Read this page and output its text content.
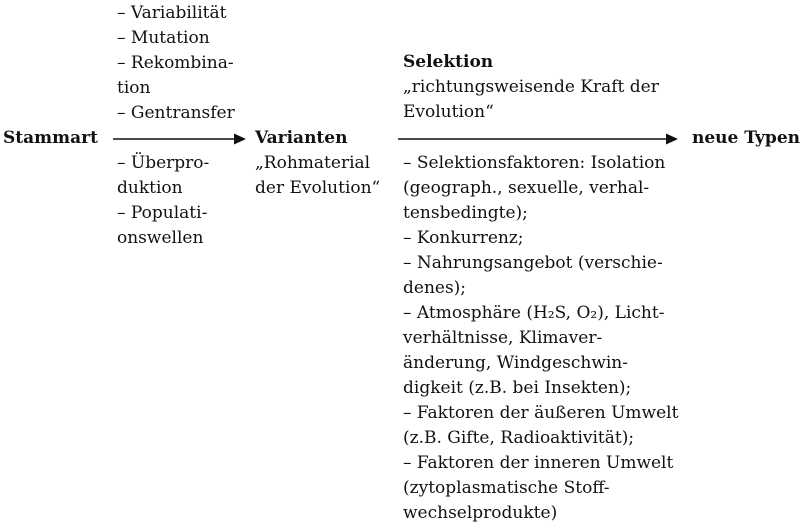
Stammart
– Variabilität
– Mutation
– Rekombina-
tion
– Gentransfer
– Überpro-
duktion
– Populati-
onswellen
Varianten
„Rohmaterial
der Evolution“
Selektion
„richtungsweisende Kraft der
Evolution“
– Selektionsfaktoren: Isolation
(geograph., sexuelle, verhal-
tensbedingte);
– Konkurrenz;
– Nahrungsangebot (verschie-
denes);
– Atmosphäre (H₂S, O₂), Licht-
verhältnisse, Klimaver-
änderung, Windgeschwin-
digkeit (z.B. bei Insekten);
– Faktoren der äußeren Umwelt
(z.B. Gifte, Radioaktivität);
– Faktoren der inneren Umwelt
(zytoplasmatische Stoff-
wechselprodukte)
neue Typen
